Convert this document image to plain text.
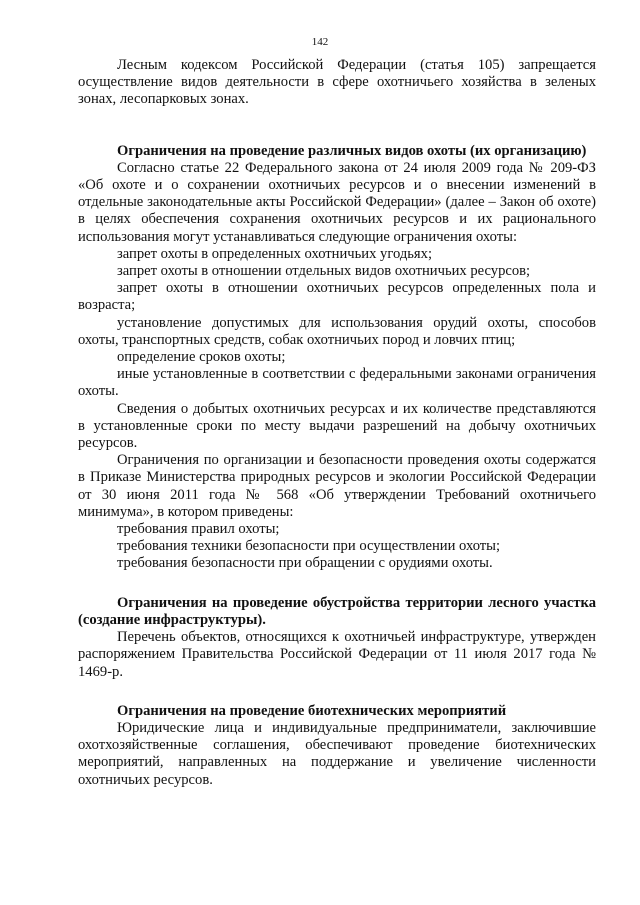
142

Лесным кодексом Российской Федерации (статья 105) запрещается осуществление видов деятельности в сфере охотничьего хозяйства в зеленых зонах, лесопарковых зонах.

Ограничения на проведение различных видов охоты (их организацию)

Согласно статье 22 Федерального закона от 24 июля 2009 года № 209-ФЗ «Об охоте и о сохранении охотничьих ресурсов и о внесении изменений в отдельные законодательные акты Российской Федерации» (далее – Закон об охоте) в целях обеспечения сохранения охотничьих ресурсов и их рационального использования могут устанавливаться следующие ограничения охоты:

запрет охоты в определенных охотничьих угодьях;

запрет охоты в отношении отдельных видов охотничьих ресурсов;

запрет охоты в отношении охотничьих ресурсов определенных пола и возраста;

установление допустимых для использования орудий охоты, способов охоты, транспортных средств, собак охотничьих пород и ловчих птиц;

определение сроков охоты;

иные установленные в соответствии с федеральными законами ограничения охоты.

Сведения о добытых охотничьих ресурсах и их количестве представляются в установленные сроки по месту выдачи разрешений на добычу охотничьих ресурсов.

Ограничения по организации и безопасности проведения охоты содержатся в Приказе Министерства природных ресурсов и экологии Российской Федерации от 30 июня 2011 года № 568 «Об утверждении Требований охотничьего минимума», в котором приведены:

требования правил охоты;

требования техники безопасности при осуществлении охоты;

требования безопасности при обращении с орудиями охоты.

Ограничения на проведение обустройства территории лесного участка (создание инфраструктуры).

Перечень объектов, относящихся к охотничьей инфраструктуре, утвержден распоряжением Правительства Российской Федерации от 11 июля 2017 года № 1469-р.

Ограничения на проведение биотехнических мероприятий

Юридические лица и индивидуальные предприниматели, заключившие охотхозяйственные соглашения, обеспечивают проведение биотехнических мероприятий, направленных на поддержание и увеличение численности охотничьих ресурсов.
